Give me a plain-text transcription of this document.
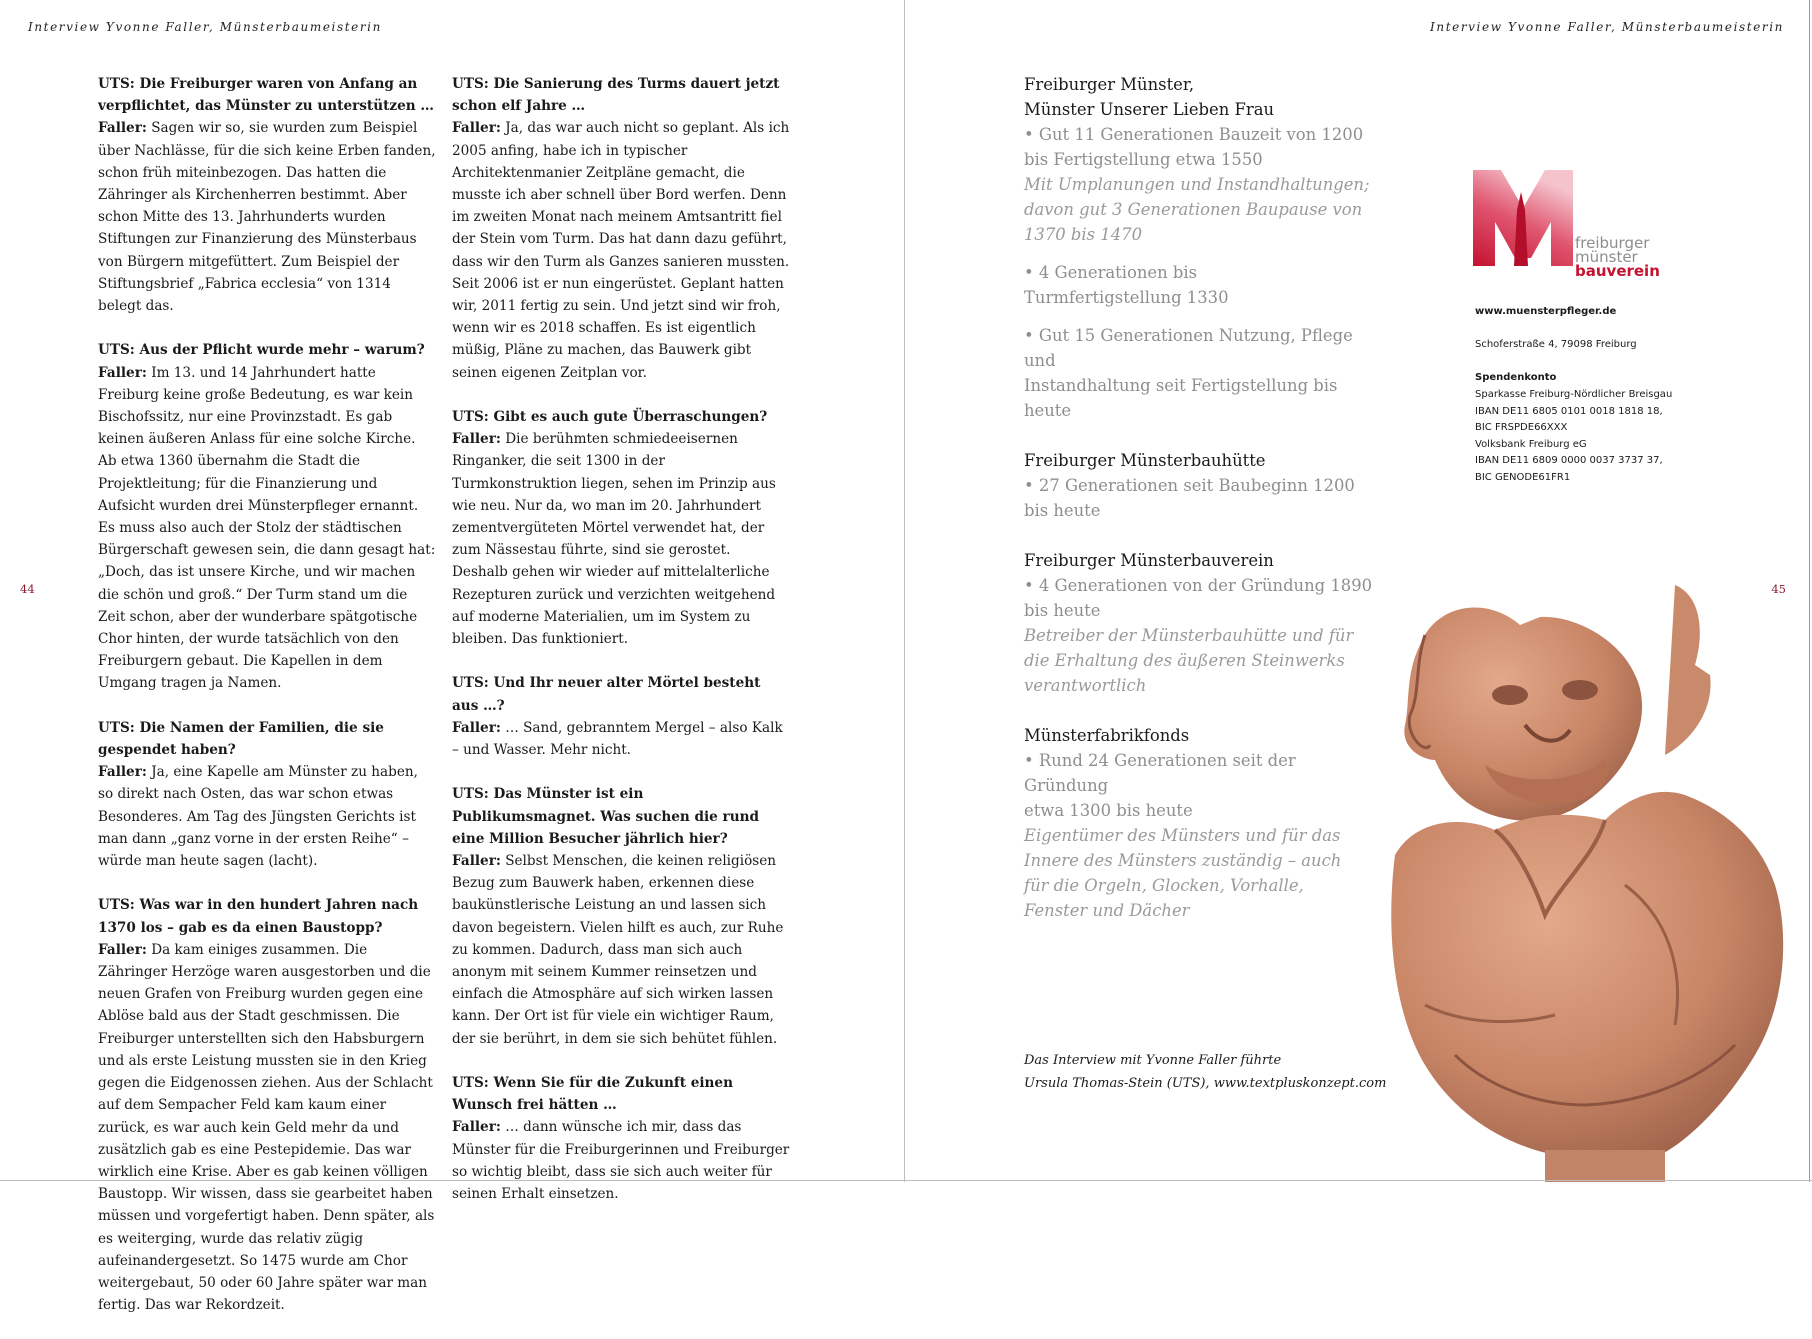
Interview Yvonne Faller, Münsterbaumeisterin
44
UTS: Die Freiburger waren von Anfang an verpflichtet, das Münster zu unterstützen …
Faller: Sagen wir so, sie wurden zum Beispiel über Nachlässe, für die sich keine Erben fanden, schon früh miteinbezogen. Das hatten die Zähringer als Kirchenherren bestimmt. Aber schon Mitte des 13. Jahrhunderts wurden Stiftungen zur Finanzierung des Münsterbaus von Bürgern mitgefüttert. Zum Beispiel der Stiftungsbrief „Fabrica ecclesia“ von 1314 belegt das.
UTS: Aus der Pflicht wurde mehr – warum?
Faller: Im 13. und 14 Jahrhundert hatte Freiburg keine große Bedeutung, es war kein Bischofssitz, nur eine Provinzstadt. Es gab keinen äußeren Anlass für eine solche Kirche. Ab etwa 1360 übernahm die Stadt die Projektleitung; für die Finanzierung und Aufsicht wurden drei Münsterpfleger ernannt. Es muss also auch der Stolz der städtischen Bürgerschaft gewesen sein, die dann gesagt hat: „Doch, das ist unsere Kirche, und wir machen die schön und groß.“ Der Turm stand um die Zeit schon, aber der wunderbare spätgotische Chor hinten, der wurde tatsächlich von den Freiburgern gebaut. Die Kapellen in dem Umgang tragen ja Namen.
UTS: Die Namen der Familien, die sie gespendet haben?
Faller: Ja, eine Kapelle am Münster zu haben, so direkt nach Osten, das war schon etwas Besonderes. Am Tag des Jüngsten Gerichts ist man dann „ganz vorne in der ersten Reihe“ – würde man heute sagen (lacht).
UTS: Was war in den hundert Jahren nach 1370 los – gab es da einen Baustopp?
Faller: Da kam einiges zusammen. Die Zähringer Herzöge waren ausgestorben und die neuen Grafen von Freiburg wurden gegen eine Ablöse bald aus der Stadt geschmissen. Die Freiburger unterstellten sich den Habsburgern und als erste Leistung mussten sie in den Krieg gegen die Eidgenossen ziehen. Aus der Schlacht auf dem Sempacher Feld kam kaum einer zurück, es war auch kein Geld mehr da und zusätzlich gab es eine Pestepidemie. Das war wirklich eine Krise. Aber es gab keinen völligen Baustopp. Wir wissen, dass sie gearbeitet haben müssen und vorgefertigt haben. Denn später, als es weiterging, wurde das relativ zügig aufeinandergesetzt. So 1475 wurde am Chor weitergebaut, 50 oder 60 Jahre später war man fertig. Das war Rekordzeit.
UTS: Die Sanierung des Turms dauert jetzt schon elf Jahre …
Faller: Ja, das war auch nicht so geplant. Als ich 2005 anfing, habe ich in typischer Architektenmanier Zeitpläne gemacht, die musste ich aber schnell über Bord werfen. Denn im zweiten Monat nach meinem Amtsantritt fiel der Stein vom Turm. Das hat dann dazu geführt, dass wir den Turm als Ganzes sanieren mussten. Seit 2006 ist er nun eingerüstet. Geplant hatten wir, 2011 fertig zu sein. Und jetzt sind wir froh, wenn wir es 2018 schaffen. Es ist eigentlich müßig, Pläne zu machen, das Bauwerk gibt seinen eigenen Zeitplan vor.
UTS: Gibt es auch gute Überraschungen?
Faller: Die berühmten schmiedeeisernen Ringanker, die seit 1300 in der Turmkonstruktion liegen, sehen im Prinzip aus wie neu. Nur da, wo man im 20. Jahrhundert zementvergüteten Mörtel verwendet hat, der zum Nässestau führte, sind sie gerostet. Deshalb gehen wir wieder auf mittelalterliche Rezepturen zurück und verzichten weitgehend auf moderne Materialien, um im System zu bleiben. Das funktioniert.
UTS: Und Ihr neuer alter Mörtel besteht aus …?
Faller: … Sand, gebranntem Mergel – also Kalk – und Wasser. Mehr nicht.
UTS: Das Münster ist ein Publikumsmagnet. Was suchen die rund eine Million Besucher jährlich hier?
Faller: Selbst Menschen, die keinen religiösen Bezug zum Bauwerk haben, erkennen diese baukünstlerische Leistung an und lassen sich davon begeistern. Vielen hilft es auch, zur Ruhe zu kommen. Dadurch, dass man sich auch anonym mit seinem Kummer reinsetzen und einfach die Atmosphäre auf sich wirken lassen kann. Der Ort ist für viele ein wichtiger Raum, der sie berührt, in dem sie sich behütet fühlen.
UTS: Wenn Sie für die Zukunft einen Wunsch frei hätten …
Faller: … dann wünsche ich mir, dass das Münster für die Freiburgerinnen und Freiburger so wichtig bleibt, dass sie sich auch weiter für seinen Erhalt einsetzen.
Interview Yvonne Faller, Münsterbaumeisterin
45
Freiburger Münster,
Münster Unserer Lieben Frau
• Gut 11 Generationen Bauzeit von 1200
bis Fertigstellung etwa 1550
Mit Umplanungen und Instandhaltungen;
davon gut 3 Generationen Baupause von
1370 bis 1470
• 4 Generationen bis
Turmfertigstellung 1330
• Gut 15 Generationen Nutzung, Pflege und
Instandhaltung seit Fertigstellung bis heute
Freiburger Münsterbauhütte
• 27 Generationen seit Baubeginn 1200
bis heute
Freiburger Münsterbauverein
• 4 Generationen von der Gründung 1890
bis heute
Betreiber der Münsterbauhütte und für
die Erhaltung des äußeren Steinwerks
verantwortlich
Münsterfabrikfonds
• Rund 24 Generationen seit der Gründung
etwa 1300 bis heute
Eigentümer des Münsters und für das
Innere des Münsters zuständig – auch
für die Orgeln, Glocken, Vorhalle,
Fenster und Dächer
Das Interview mit Yvonne Faller führte
Ursula Thomas-Stein (UTS), www.textpluskonzept.com
freiburger
münster
bauverein
www.muensterpfleger.de
Schoferstraße 4, 79098 Freiburg
Spendenkonto
Sparkasse Freiburg-Nördlicher Breisgau
IBAN DE11 6805 0101 0018 1818 18,
BIC FRSPDE66XXX
Volksbank Freiburg eG
IBAN DE11 6809 0000 0037 3737 37,
BIC GENODE61FR1
